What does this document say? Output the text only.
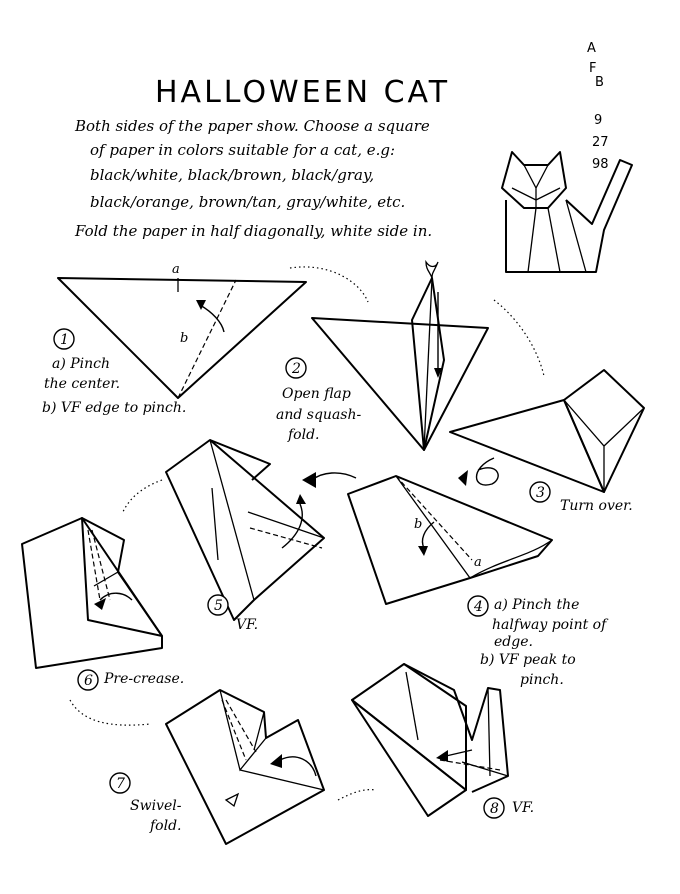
HALLOWEEN CAT
A
F
B
9
27
98
Both sides of the paper show. Choose a square
of paper in colors suitable for a cat, e.g:
black/white, black/brown, black/gray,
black/orange, brown/tan, gray/white, etc.
Fold the paper in half diagonally, white side in.
a
b
1
a) Pinch
the center.
b) VF edge to pinch.
2
Open flap
and squash-
fold.
3
Turn over.
b
a
4 a) Pinch the
halfway point of
edge.
b) VF peak to
pinch.
5
VF.
6 Pre-crease.
7
Swivel-
fold.
8 VF.
